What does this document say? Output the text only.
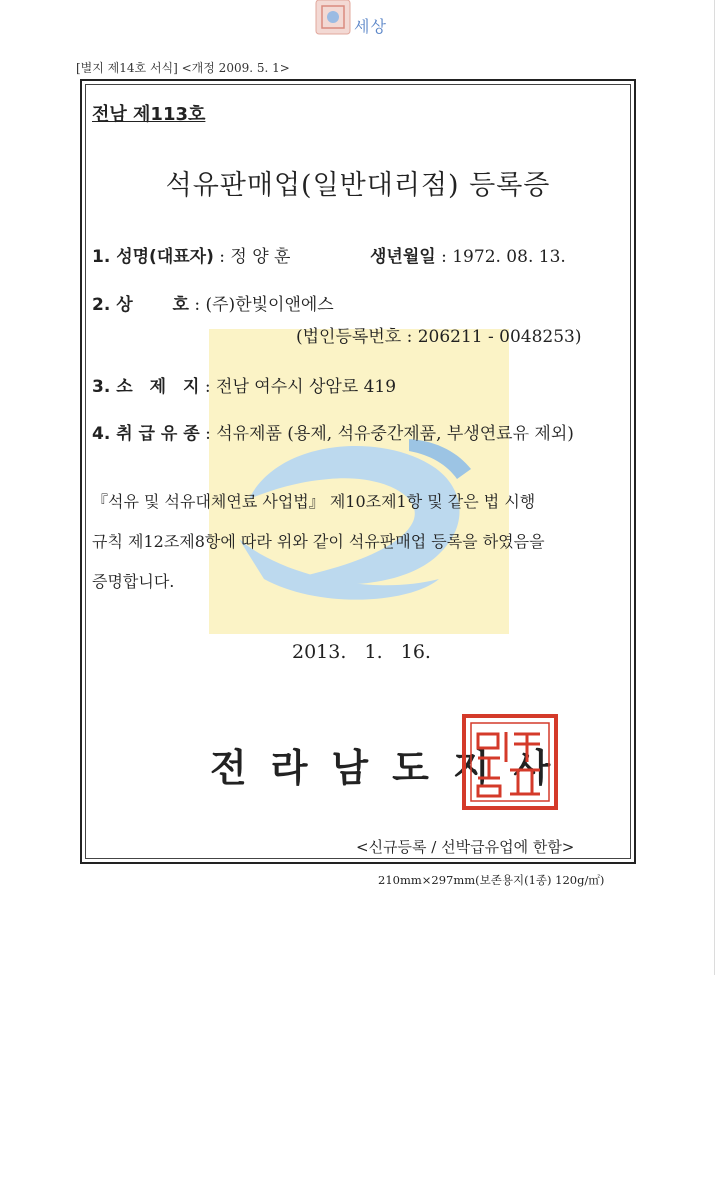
세상
[별지 제14호 서식] <개정 2009. 5. 1>
전남 제113호
석유판매업(일반대리점) 등록증
1. 성명(대표자) : 정 양 훈	생년월일 : 1972. 08. 13.
2. 상　　 호 : (주)한빛이앤에스
(법인등록번호 : 206211 - 0048253)
3. 소　제　지 : 전남 여수시 상암로 419
4. 취 급 유 종 : 석유제품 (용제, 석유중간제품, 부생연료유 제외)
『석유 및 석유대체연료 사업법』 제10조제1항 및 같은 법 시행
규칙 제12조제8항에 따라 위와 같이 석유판매업 등록을 하였음을
증명합니다.
2013.   1.   16.
전라남도지사
<신규등록 / 선박급유업에 한함>
210mm×297mm(보존용지(1종) 120g/㎡)
